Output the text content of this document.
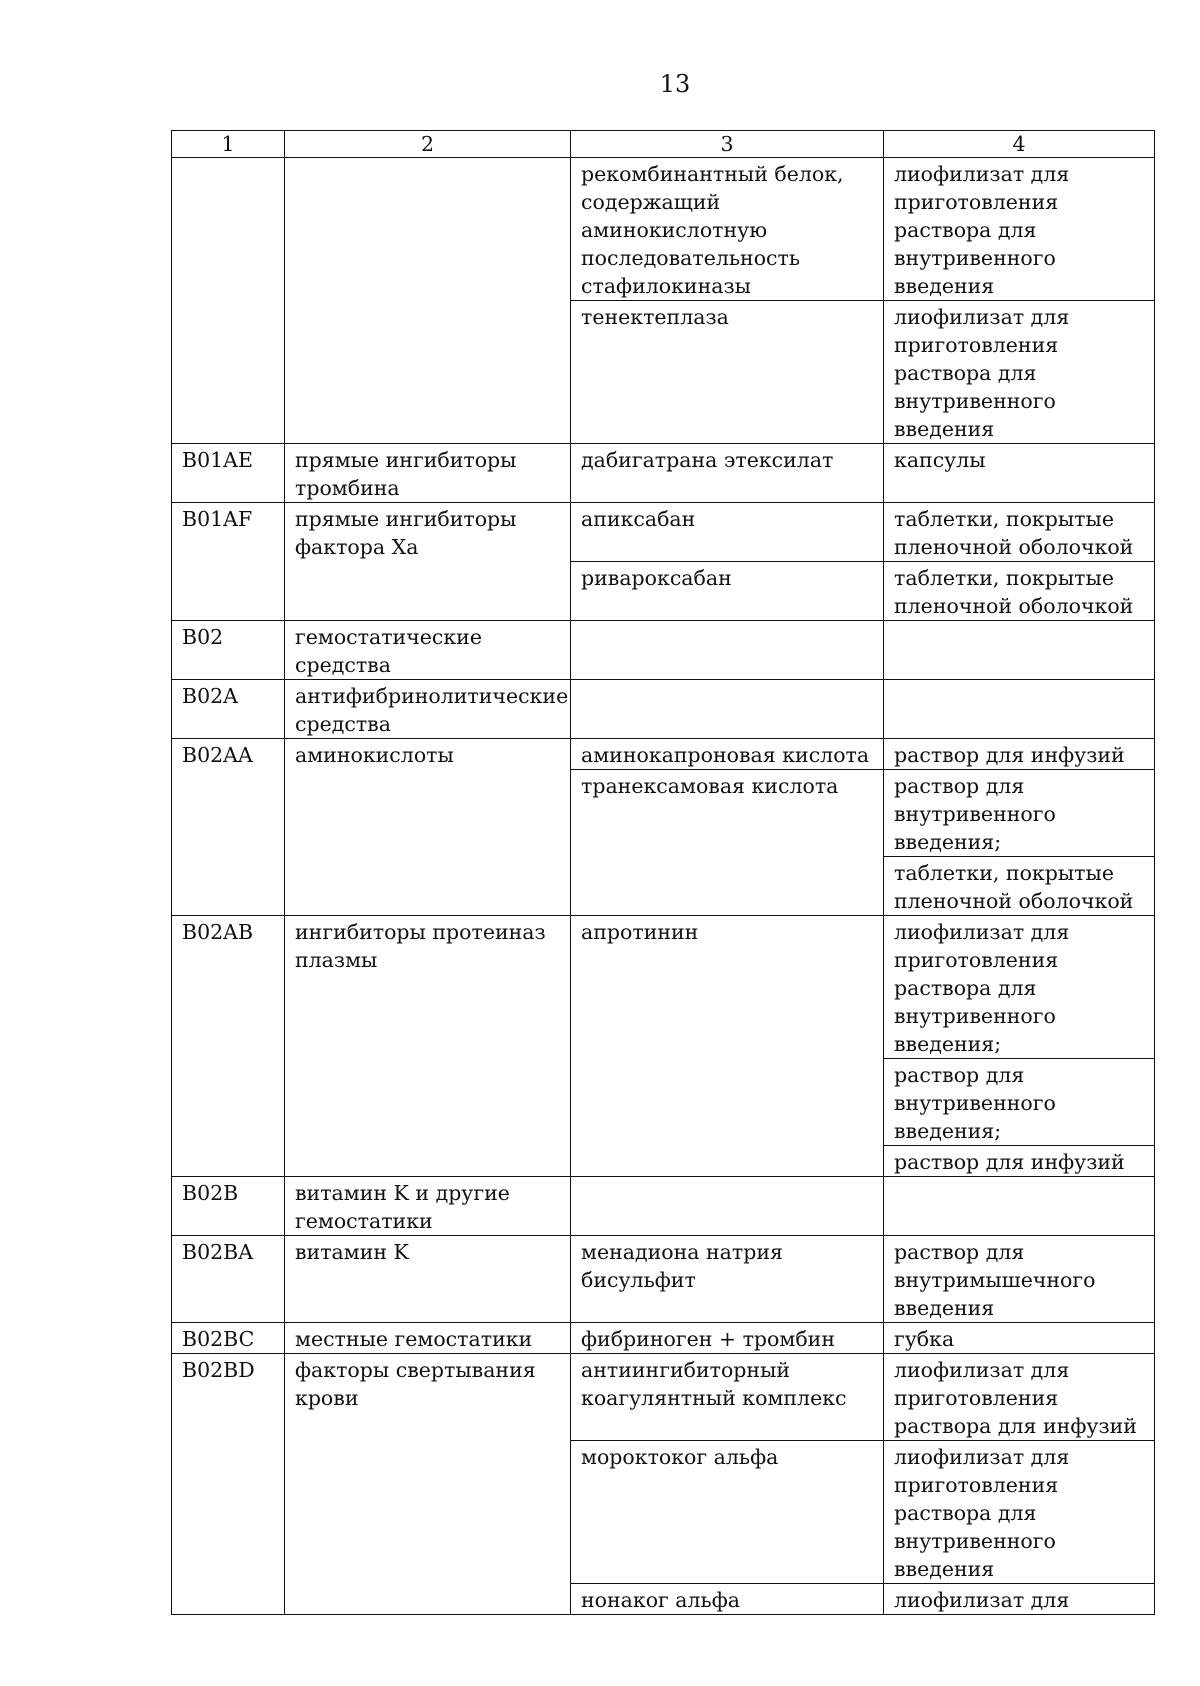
13
1	2	3	4
		рекомбинантный белок, содержащий аминокислотную последовательность стафилокиназы	лиофилизат для приготовления раствора для внутривенного введения
		тенектеплаза	лиофилизат для приготовления раствора для внутривенного введения
B01AE	прямые ингибиторы тромбина	дабигатрана этексилат	капсулы
B01AF	прямые ингибиторы фактора Xa	апиксабан	таблетки, покрытые пленочной оболочкой
		ривароксабан	таблетки, покрытые пленочной оболочкой
B02	гемостатические средства		
B02A	антифибринолитические средства		
B02AA	аминокислоты	аминокапроновая кислота	раствор для инфузий
		транексамовая кислота	раствор для внутривенного введения;
			таблетки, покрытые пленочной оболочкой
B02AB	ингибиторы протеиназ плазмы	апротинин	лиофилизат для приготовления раствора для внутривенного введения;
			раствор для внутривенного введения;
			раствор для инфузий
B02B	витамин K и другие гемостатики		
B02BA	витамин K	менадиона натрия бисульфит	раствор для внутримышечного введения
B02BC	местные гемостатики	фибриноген + тромбин	губка
B02BD	факторы свертывания крови	антиингибиторный коагулянтный комплекс	лиофилизат для приготовления раствора для инфузий
		мороктоког альфа	лиофилизат для приготовления раствора для внутривенного введения
		нонаког альфа	лиофилизат для
